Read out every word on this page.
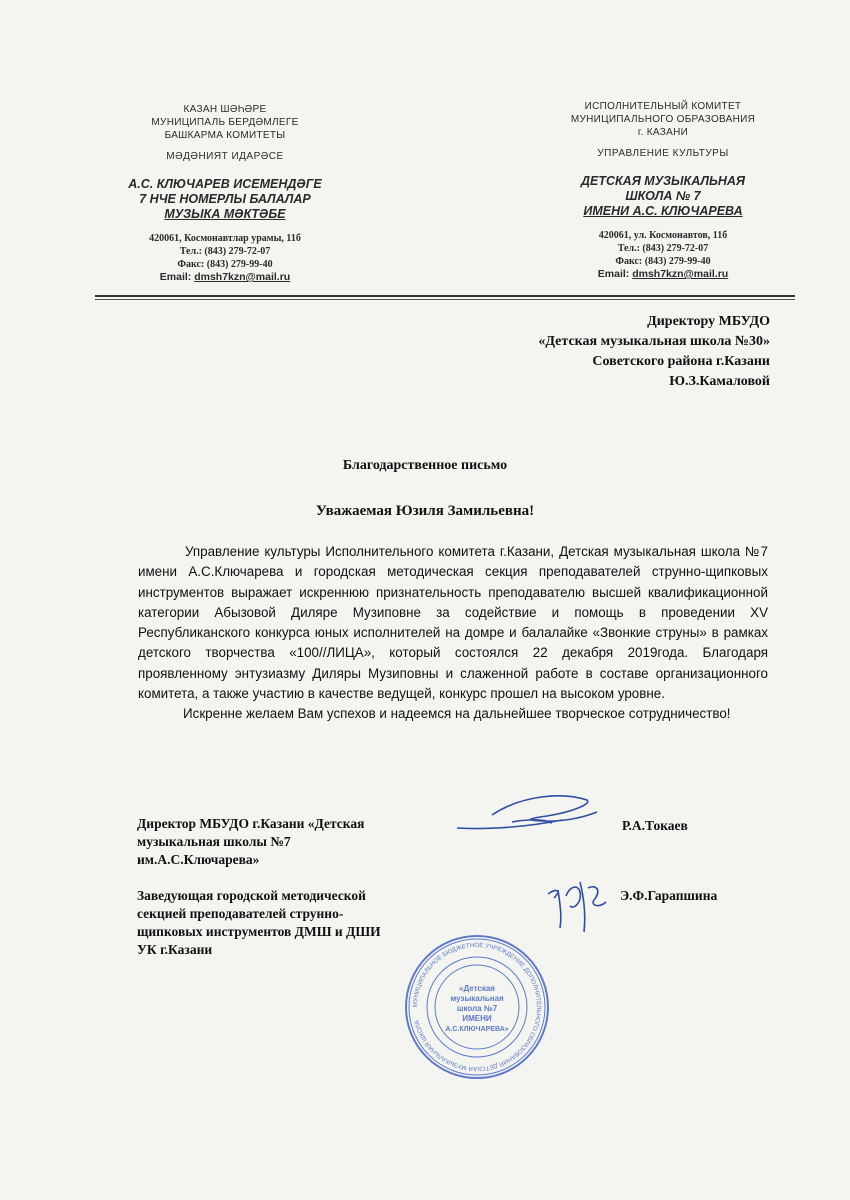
КАЗАН ШӘҺӘРЕ
МУНИЦИПАЛЬ БЕРДӘМЛЕГЕ
БАШКАРМА КОМИТЕТЫ
МӘДӘНИЯТ ИДАРӘСЕ
А.С. КЛЮЧАРЕВ ИСЕМЕНДӘГЕ
7 НЧЕ НОМЕРЛЫ БАЛАЛАР
МУЗЫКА МӘКТӘБЕ
420061, Космонавтлар урамы, 11б
Тел.: (843) 279-72-07
Факс: (843) 279-99-40
Email: dmsh7kzn@mail.ru
ИСПОЛНИТЕЛЬНЫЙ КОМИТЕТ
МУНИЦИПАЛЬНОГО ОБРАЗОВАНИЯ
г. КАЗАНИ
УПРАВЛЕНИЕ КУЛЬТУРЫ
ДЕТСКАЯ МУЗЫКАЛЬНАЯ
ШКОЛА № 7
ИМЕНИ А.С. КЛЮЧАРЕВА
420061, ул. Космонавтов, 11б
Тел.: (843) 279-72-07
Факс: (843) 279-99-40
Email: dmsh7kzn@mail.ru
Директору МБУДО
«Детская музыкальная школа №30»
Советского района г.Казани
Ю.З.Камаловой
Благодарственное письмо
Уважаемая Юзиля Замильевна!

Управление культуры Исполнительного комитета г.Казани, Детская музыкальная школа №7 имени А.С.Ключарева и городская методическая секция преподавателей струнно-щипковых инструментов выражает искреннюю признательность преподавателю высшей квалификационной категории Абызовой Диляре Музиповне за содействие и помощь в проведении XV Республиканского конкурса юных исполнителей на домре и балалайке «Звонкие струны» в рамках детского творчества «100//ЛИЦА», который состоялся 22 декабря 2019года. Благодаря проявленному энтузиазму Диляры Музиповны и слаженной работе в составе организационного комитета, а также участию в качестве ведущей, конкурс прошел на высоком уровне.

Искренне желаем Вам успехов и надеемся на дальнейшее творческое сотрудничество!

Директор МБУДО г.Казани «Детская
музыкальная школы №7
им.А.С.Ключарева»
Р.А.Токаев
Заведующая городской методической
секцией преподавателей струнно-
щипковых инструментов ДМШ и ДШИ
УК г.Казани
Э.Ф.Гарапшина
МУНИЦИПАЛЬНОЕ БЮДЖЕТНОЕ УЧРЕЖДЕНИЕ ДОПОЛНИТЕЛЬНОГО ОБРАЗОВАНИЯ ДЕТСКАЯ МУЗЫКАЛЬНАЯ ШКОЛА
«Детская
музыкальная
школа №7
ИМЕНИ
А.С.КЛЮЧАРЕВА»
